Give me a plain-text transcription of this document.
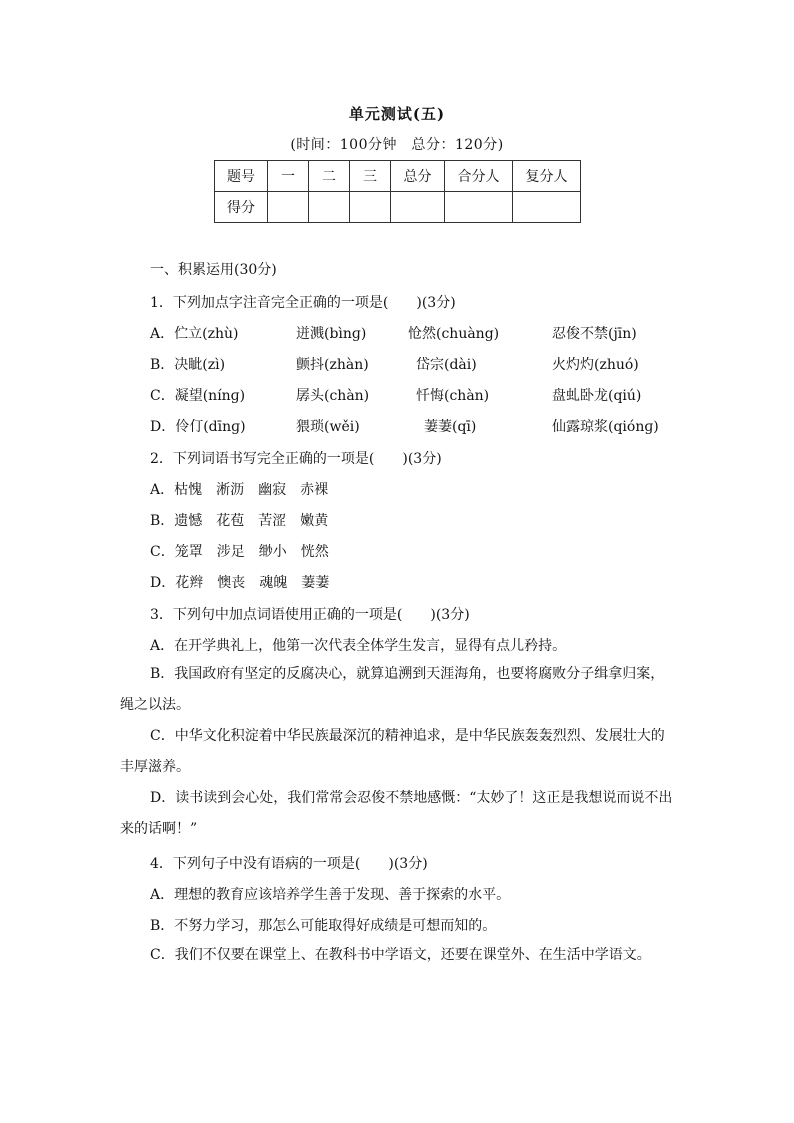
单元测试(五)
(时间：100分钟　总分：120分)
题号	一	二	三	总分	合分人	复分人
得分						
一、积累运用(30分)
1．下列加点字注音完全正确的一项是(　　)(3分)
A．伫立(zhù)	迸溅(bìnɡ)	怆然(chuàng)	忍俊不禁(jīn)
B．决眦(zì)	颤抖(zhàn)	岱宗(dài)	火灼灼(zhuó)
C．凝望(nínɡ)	孱头(chàn)	忏悔(chàn)	盘虬卧龙(qiú)
D．伶仃(dīnɡ)	猥琐(wěi)	萋萋(qī)	仙露琼浆(qiónɡ)
2．下列词语书写完全正确的一项是(　　)(3分)
A．枯愧　淅沥　幽寂　赤裸
B．遗憾　花苞　苦涩　嫩黄
C．笼罩　涉足　缈小　恍然
D．花辫　懊丧　魂魄　萋萋
3．下列句中加点词语使用正确的一项是(　　)(3分)
A．在开学典礼上，他第一次代表全体学生发言，显得有点儿矜持。
B．我国政府有坚定的反腐决心，就算追溯到天涯海角，也要将腐败分子缉拿归案，绳之以法。
C．中华文化积淀着中华民族最深沉的精神追求，是中华民族轰轰烈烈、发展壮大的丰厚滋养。
D．读书读到会心处，我们常常会忍俊不禁地感慨：“太妙了！这正是我想说而说不出来的话啊！”
4．下列句子中没有语病的一项是(　　)(3分)
A．理想的教育应该培养学生善于发现、善于探索的水平。
B．不努力学习，那怎么可能取得好成绩是可想而知的。
C．我们不仅要在课堂上、在教科书中学语文，还要在课堂外、在生活中学语文。
